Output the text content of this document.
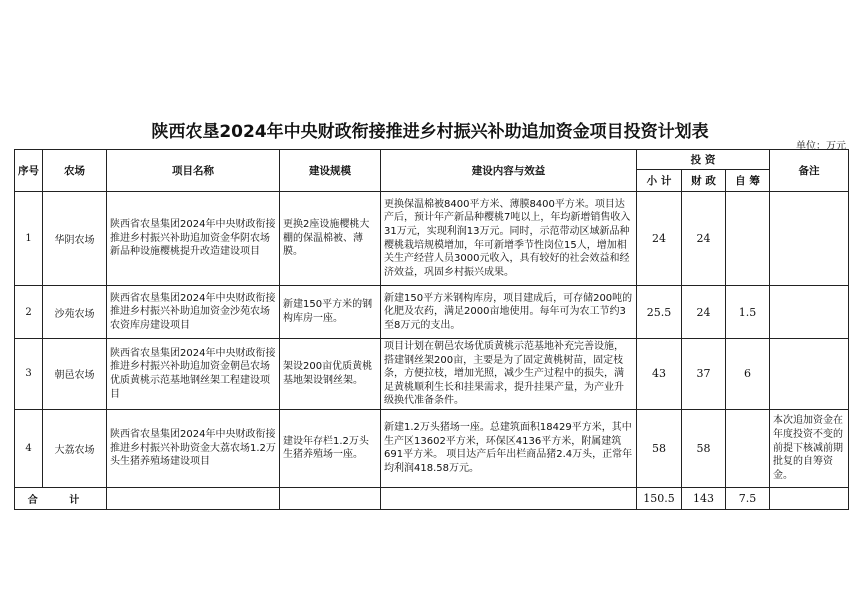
陕西农垦2024年中央财政衔接推进乡村振兴补助追加资金项目投资计划表
单位：万元
序号	农场	项目名称	建设规模	建设内容与效益	投 资			备注
					小 计	财 政	自 筹	
1	华阴农场	陕西省农垦集团2024年中央财政衔接推进乡村振兴补助追加资金华阴农场新品种设施樱桃提升改造建设项目	更换2座设施樱桃大棚的保温棉被、薄膜。	更换保温棉被8400平方米、薄膜8400平方米。项目达产后，预计年产新品种樱桃7吨以上，年均新增销售收入31万元，实现利润13万元。同时，示范带动区域新品种樱桃栽培规模增加，年可新增季节性岗位15人，增加相关生产经营人员3000元收入，具有较好的社会效益和经济效益，巩固乡村振兴成果。	24	24		
2	沙苑农场	陕西省农垦集团2024年中央财政衔接推进乡村振兴补助追加资金沙苑农场农资库房建设项目	新建150平方米的钢构库房一座。	新建150平方米钢构库房，项目建成后，可存储200吨的化肥及农药，满足2000亩地使用。每年可为农工节约3至8万元的支出。	25.5	24	1.5	
3	朝邑农场	陕西省农垦集团2024年中央财政衔接推进乡村振兴补助追加资金朝邑农场优质黄桃示范基地钢丝架工程建设项目	架设200亩优质黄桃基地架设钢丝架。	项目计划在朝邑农场优质黄桃示范基地补充完善设施，搭建钢丝架200亩，主要是为了固定黄桃树苗，固定枝条，方便拉枝，增加光照，减少生产过程中的损失，满足黄桃顺利生长和挂果需求，提升挂果产量，为产业升级换代准备条件。	43	37	6	
4	大荔农场	陕西省农垦集团2024年中央财政衔接推进乡村振兴补助资金大荔农场1.2万头生猪养殖场建设项目	建设年存栏1.2万头生猪养殖场一座。	新建1.2万头猪场一座。总建筑面积18429平方米，其中生产区13602平方米，环保区4136平方米，附属建筑691平方米。 项目达产后年出栏商品猪2.4万头，正常年均利润418.58万元。	58	58		本次追加资金在年度投资不变的前提下核减前期批复的自筹资金。
合 计					150.5	143	7.5	
